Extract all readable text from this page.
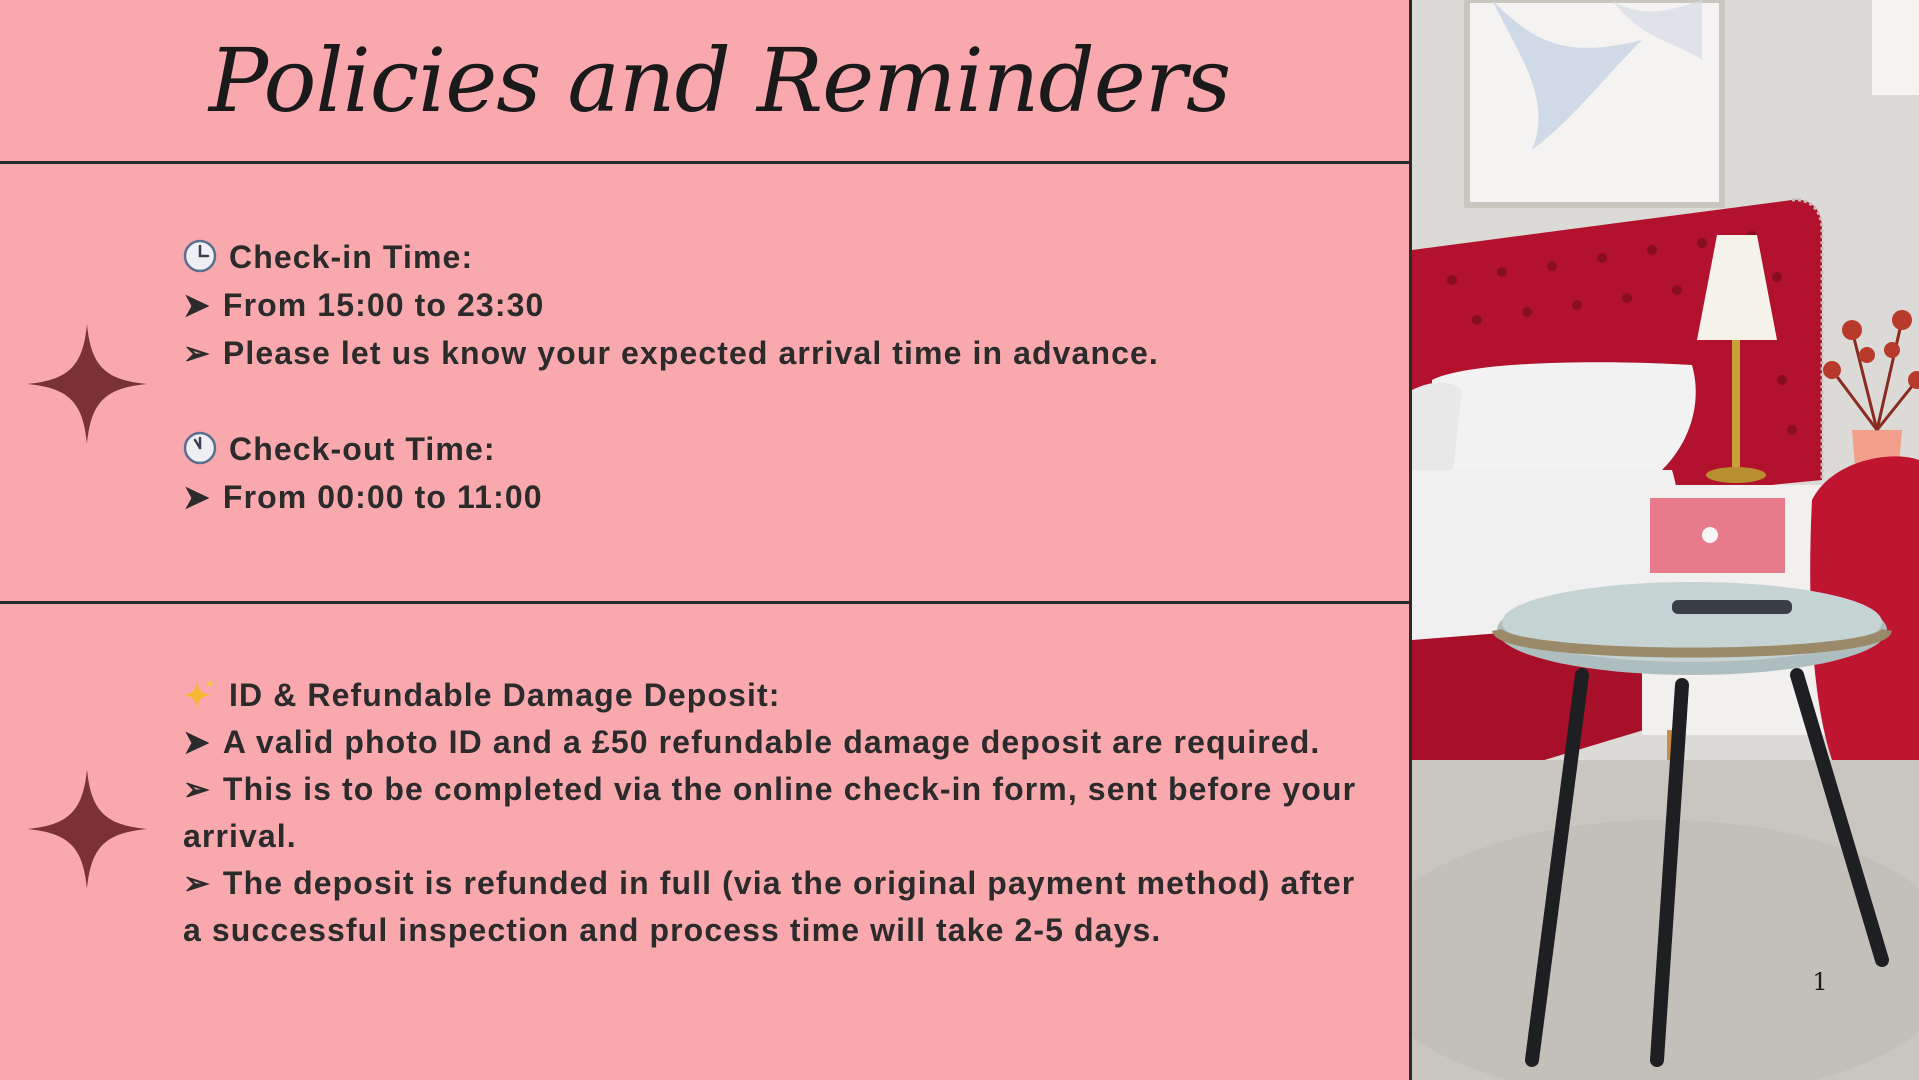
Policies and Reminders
Check-in Time:
➤ From 15:00 to 23:30
➢ Please let us know your expected arrival time in advance.
Check-out Time:
➤ From 00:00 to 11:00
ID & Refundable Damage Deposit:
➤ A valid photo ID and a £50 refundable damage deposit are required.
➢ This is to be completed via the online check-in form, sent before your arrival.
➢ The deposit is refunded in full (via the original payment method) after a successful inspection and process time will take 2-5 days.
1
